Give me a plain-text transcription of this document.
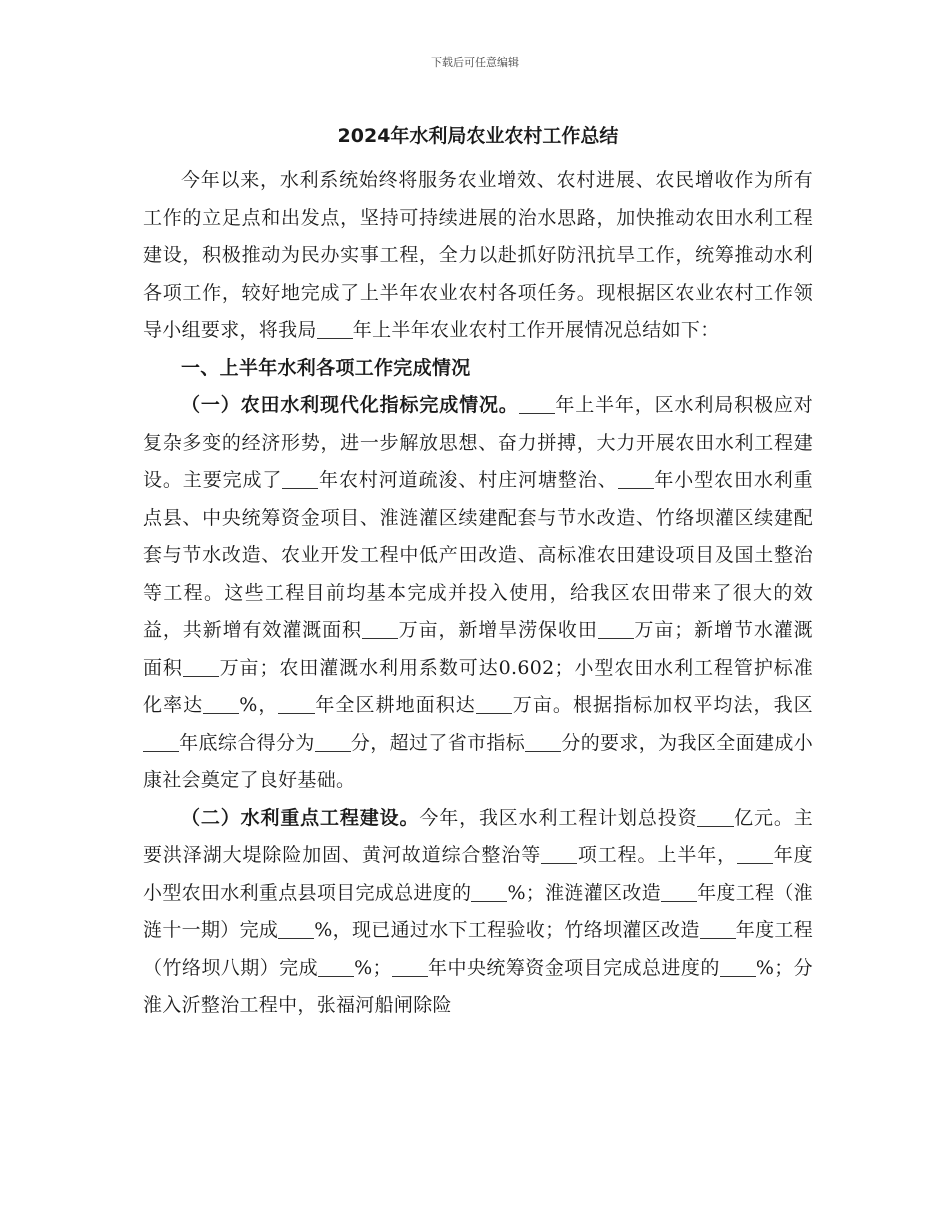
下载后可任意编辑
2024年水利局农业农村工作总结

今年以来，水利系统始终将服务农业增效、农村进展、农民增收作为所有工作的立足点和出发点，坚持可持续进展的治水思路，加快推动农田水利工程建设，积极推动为民办实事工程，全力以赴抓好防汛抗旱工作，统筹推动水利各项工作，较好地完成了上半年农业农村各项任务。现根据区农业农村工作领导小组要求，将我局 年上半年农业农村工作开展情况总结如下：

一、上半年水利各项工作完成情况

（一）农田水利现代化指标完成情况。 年上半年，区水利局积极应对复杂多变的经济形势，进一步解放思想、奋力拼搏，大力开展农田水利工程建设。主要完成了 年农村河道疏浚、村庄河塘整治、 年小型农田水利重点县、中央统筹资金项目、淮涟灌区续建配套与节水改造、竹络坝灌区续建配套与节水改造、农业开发工程中低产田改造、高标准农田建设项目及国土整治等工程。这些工程目前均基本完成并投入使用，给我区农田带来了很大的效益，共新增有效灌溉面积 万亩，新增旱涝保收田 万亩；新增节水灌溉面积 万亩；农田灌溉水利用系数可达0.602；小型农田水利工程管护标准化率达 %， 年全区耕地面积达 万亩。根据指标加权平均法，我区年底综合得分为 分，超过了省市指标 分的要求，为我区全面建成小康社会奠定了良好基础。

（二）水利重点工程建设。今年，我区水利工程计划总投资 亿元。主要洪泽湖大堤除险加固、黄河故道综合整治等 项工程。上半年， 年度小型农田水利重点县项目完成总进度的 %；淮涟灌区改造 年度工程（淮涟十一期）完成 %，现已通过水下工程验收；竹络坝灌区改造 年度工程（竹络坝八期）完成 %； 年中央统筹资金项目完成总进度的 %；分淮入沂整治工程中，张福河船闸除险
